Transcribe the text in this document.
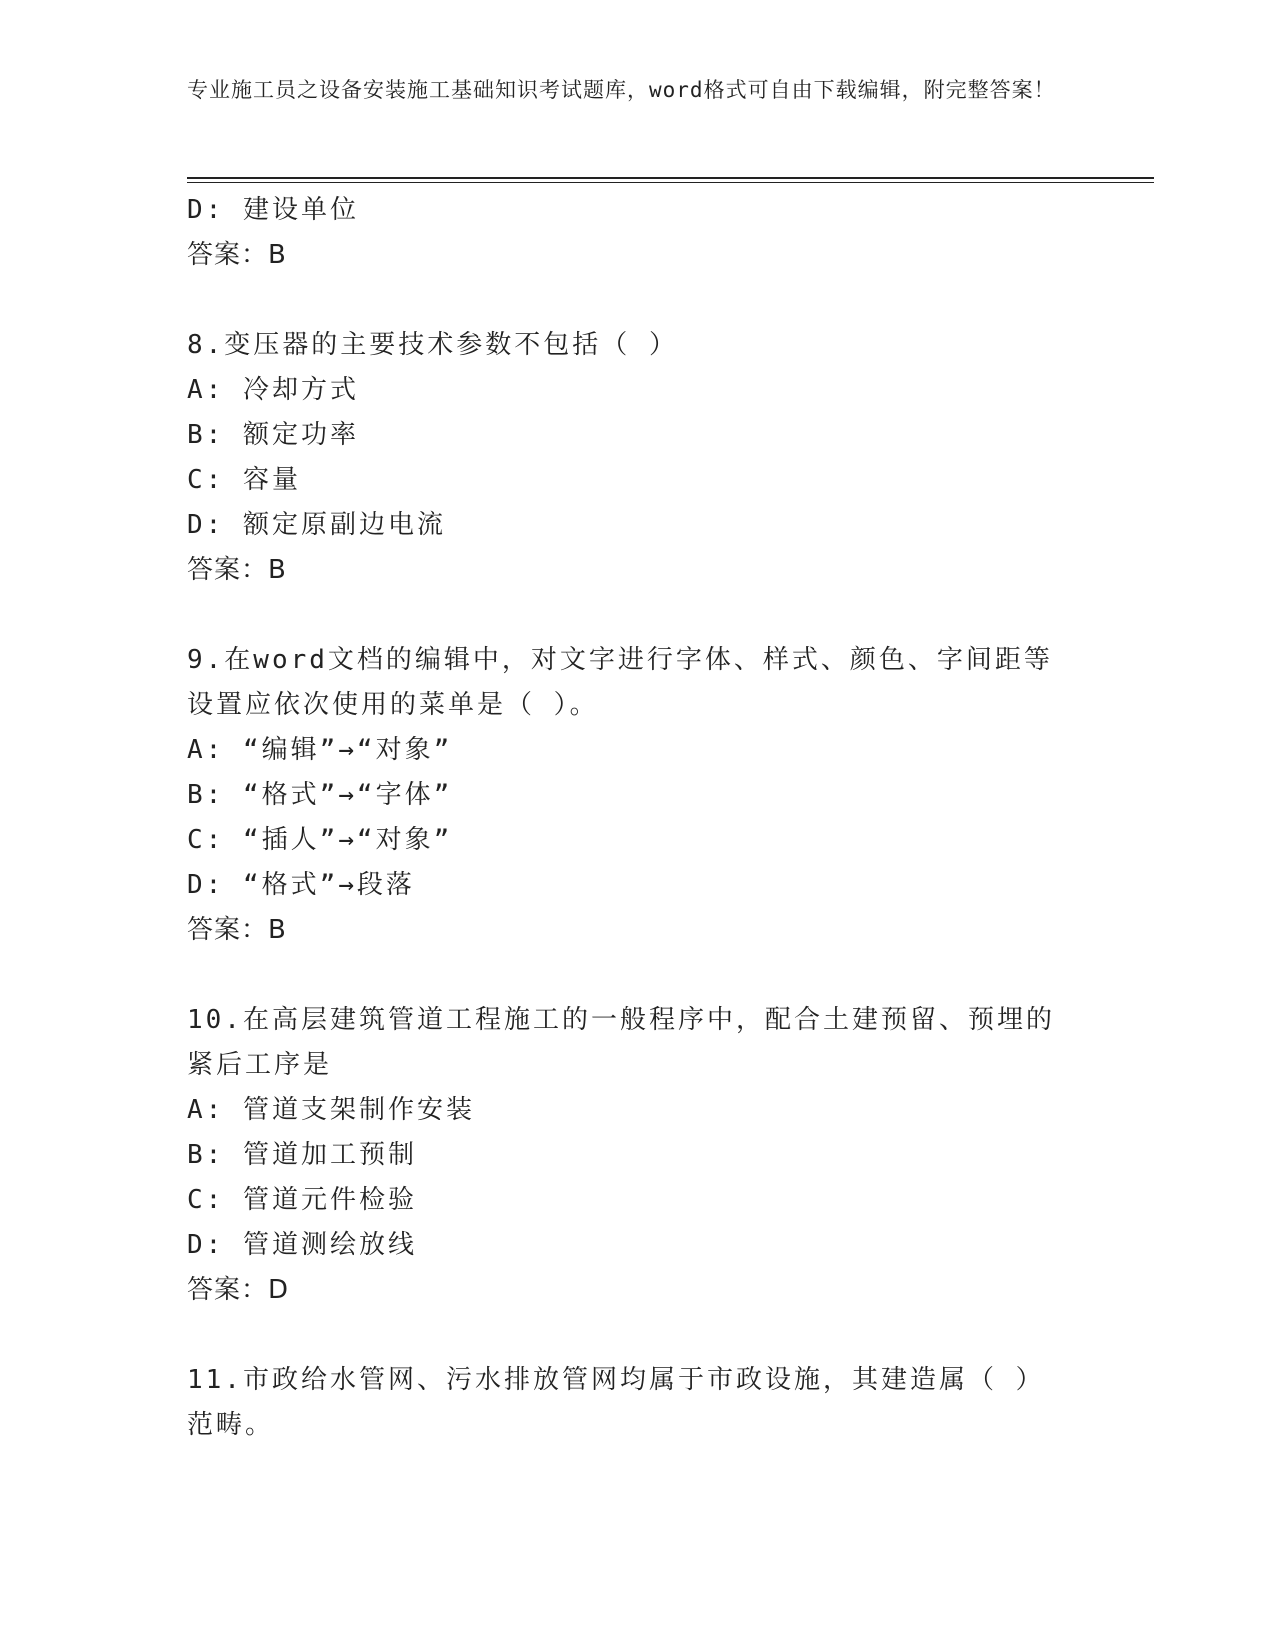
专业施工员之设备安装施工基础知识考试题库，word格式可自由下载编辑，附完整答案！
D: 建设单位
答案：B
8.变压器的主要技术参数不包括（ ）
A: 冷却方式
B: 额定功率
C: 容量
D: 额定原副边电流
答案：B
9.在word文档的编辑中，对文字进行字体、样式、颜色、字间距等设置应依次使用的菜单是（ ）。
A: “编辑”→“对象”
B: “格式”→“字体”
C: “插人”→“对象”
D: “格式”→段落
答案：B
10.在高层建筑管道工程施工的一般程序中，配合土建预留、预埋的紧后工序是
A: 管道支架制作安装
B: 管道加工预制
C: 管道元件检验
D: 管道测绘放线
答案：D
11.市政给水管网、污水排放管网均属于市政设施，其建造属（ ）范畴。
